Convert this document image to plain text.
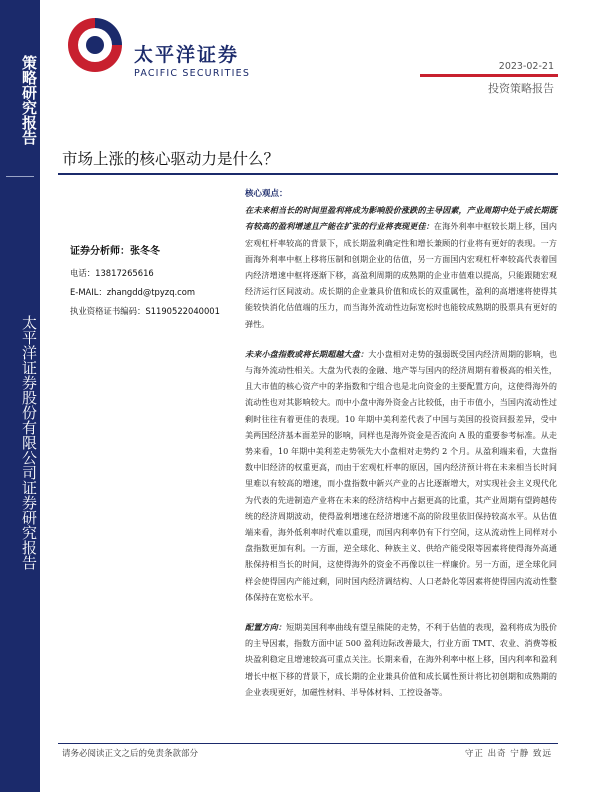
策略研究报告
太平洋证券股份有限公司证券研究报告
太平洋证券
PACIFIC SECURITIES
2023-02-21
投资策略报告
市场上涨的核心驱动力是什么？
证券分析师：张冬冬
电话：13817265616
E-MAIL：zhangdd@tpyzq.com
执业资格证书编码：S1190522040001
核心观点：

在未来相当长的时间里盈利将成为影响股价涨跌的主导因素，产业周期中处于成长期既有较高的盈利增速且产能在扩张的行业将表现更佳：在海外利率中枢较长期上移，国内宏观杠杆率较高的背景下，成长期盈利确定性和增长兼顾的行业将有更好的表现。一方面海外利率中枢上移将压制和创期企业的估值，另一方面国内宏观杠杆率较高代表着国内经济增速中枢将逐渐下移，高盈利周期的成熟期的企业市值难以提高，只能跟随宏观经济运行区间波动。成长期的企业兼具价值和成长的双重属性，盈利的高增速将使得其能较快消化估值端的压力，而当海外流动性边际宽松时也能较成熟期的股票具有更好的弹性。

未来小盘指数或将长期超越大盘：大小盘相对走势的强弱既受国内经济周期的影响，也与海外流动性相关。大盘为代表的金融、地产等与国内的经济周期有着极高的相关性，且大市值的核心资产中的茅指数和宁组合也是北向资金的主要配置方向，这使得海外的流动性也对其影响较大。而中小盘中海外资金占比较低，由于市值小，当国内流动性过剩时往往有着更佳的表现。10 年期中美利差代表了中国与美国的投资回报差异，受中美两国经济基本面差异的影响，同样也是海外资金是否流向 A 股的重要参考标准。从走势来看，10 年期中美利差走势领先大小盘相对走势约 2 个月。从盈利端来看，大盘指数中旧经济的权重更高，而由于宏观杠杆率的原因，国内经济预计将在未来相当长时间里难以有较高的增速，而小盘指数中新兴产业的占比逐渐增大，对实现社会主义现代化为代表的先进制造产业将在未来的经济结构中占据更高的比重，其产业周期有望跨越传统的经济周期波动，使得盈利增速在经济增速不高的阶段里依旧保持较高水平。从估值端来看，海外低利率时代难以重现，而国内利率仍有下行空间，这从流动性上同样对小盘指数更加有利。一方面，逆全球化、种族主义、供给产能受限等因素将使得海外高通胀保持相当长的时间，这使得海外的资金不再像以往一样廉价。另一方面，逆全球化同样会使得国内产能过剩，同时国内经济调结构、人口老龄化等因素将使得国内流动性整体保持在宽松水平。

配置方向：短期美国利率曲线有望呈熊陡的走势，不利于估值的表现，盈利将成为股价的主导因素，指数方面中证 500 盈利边际改善最大，行业方面 TMT、农业、消费等板块盈利稳定且增速较高可重点关注。长期来看，在海外利率中枢上移，国内利率和盈利增长中枢下移的背景下，成长期的企业兼具价值和成长属性预计将比初创期和成熟期的企业表现更好，加磁性材料、半导体材料、工控设备等。

请务必阅读正文之后的免责条款部分	守正 出奇 宁静 致远
